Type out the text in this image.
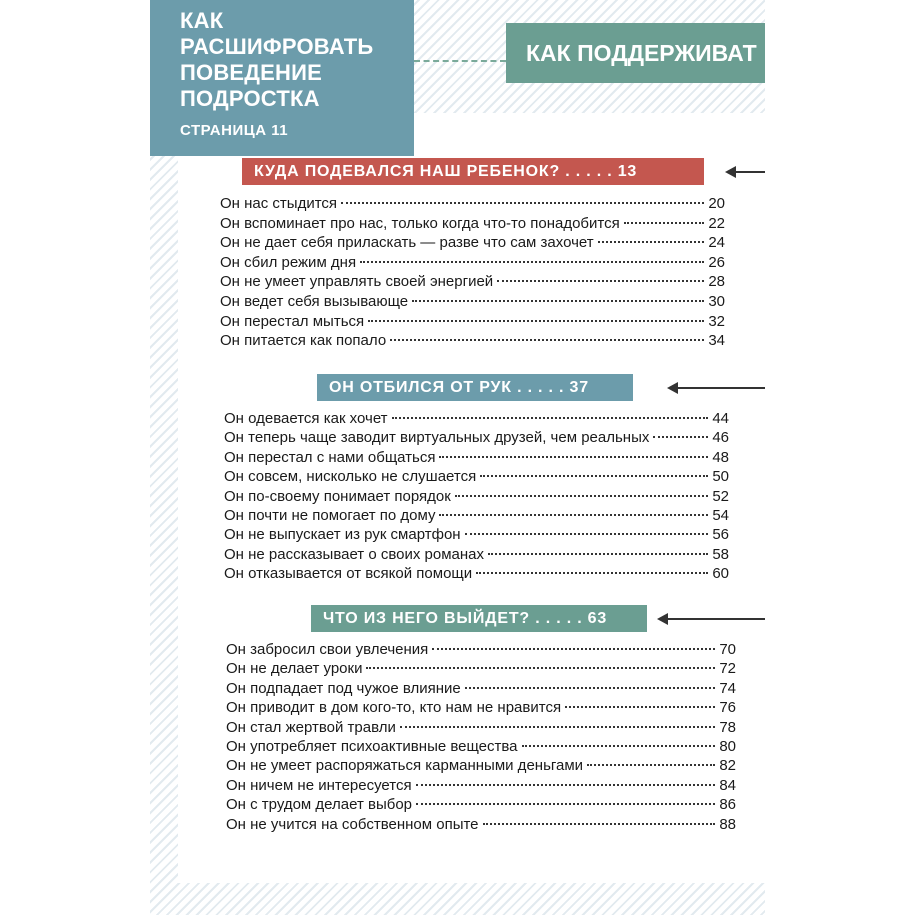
КАК
РАСШИФРОВАТЬ
ПОВЕДЕНИЕ
ПОДРОСТКА
СТРАНИЦА 11
КАК ПОДДЕРЖИВАТ
КУДА ПОДЕВАЛСЯ НАШ РЕБЕНОК? . . . . . 13
Он нас стыдится	20
Он вспоминает про нас, только когда что-то понадобится	22
Он не дает себя приласкать — разве что сам захочет	24
Он сбил режим дня	26
Он не умеет управлять своей энергией	28
Он ведет себя вызывающе	30
Он перестал мыться	32
Он питается как попало	34
ОН ОТБИЛСЯ ОТ РУК . . . . . 37
Он одевается как хочет	44
Он теперь чаще заводит виртуальных друзей, чем реальных	46
Он перестал с нами общаться	48
Он совсем, нисколько не слушается	50
Он по-своему понимает порядок	52
Он почти не помогает по дому	54
Он не выпускает из рук смартфон	56
Он не рассказывает о своих романах	58
Он отказывается от всякой помощи	60
ЧТО ИЗ НЕГО ВЫЙДЕТ? . . . . . 63
Он забросил свои увлечения	70
Он не делает уроки	72
Он подпадает под чужое влияние	74
Он приводит в дом кого-то, кто нам не нравится	76
Он стал жертвой травли	78
Он употребляет психоактивные вещества	80
Он не умеет распоряжаться карманными деньгами	82
Он ничем не интересуется	84
Он с трудом делает выбор	86
Он не учится на собственном опыте	88
